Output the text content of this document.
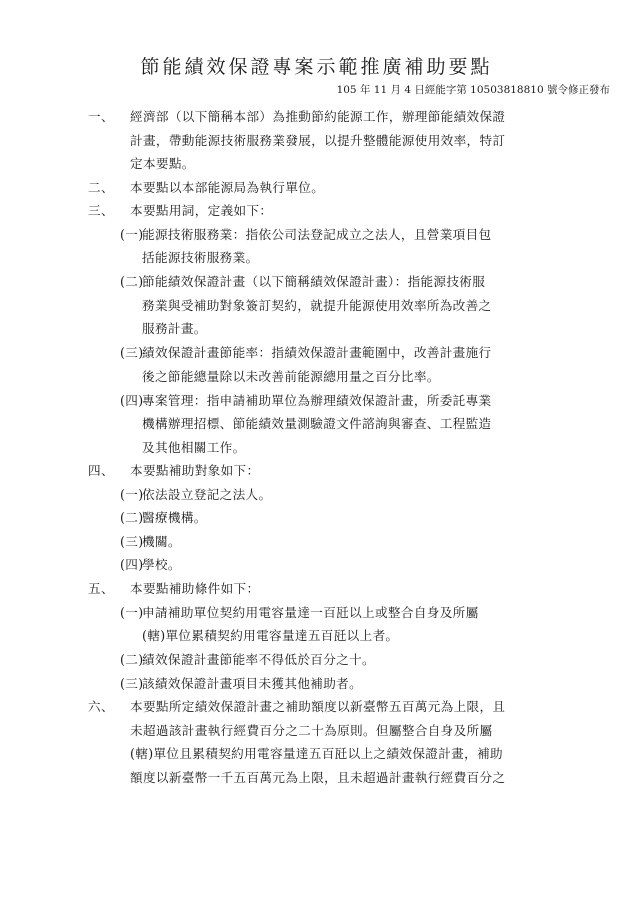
節能績效保證專案示範推廣補助要點
105 年 11 月 4 日經能字第 10503818810 號令修正發布
一、 經濟部（以下簡稱本部）為推動節約能源工作，辦理節能績效保證
計畫，帶動能源技術服務業發展，以提升整體能源使用效率，特訂
定本要點。
二、 本要點以本部能源局為執行單位。
三、 本要點用詞，定義如下：
(一)
能源技術服務業：指依公司法登記成立之法人，且營業項目包
括能源技術服務業。
(二)
節能績效保證計畫（以下簡稱績效保證計畫）：指能源技術服
務業與受補助對象簽訂契約，就提升能源使用效率所為改善之
服務計畫。
(三)
績效保證計畫節能率：指績效保證計畫範圍中，改善計畫施行
後之節能總量除以未改善前能源總用量之百分比率。
(四)
專案管理：指申請補助單位為辦理績效保證計畫，所委託專業
機構辦理招標、節能績效量測驗證文件諮詢與審查、工程監造
及其他相關工作。
四、 本要點補助對象如下：
(一)
依法設立登記之法人。
(二)
醫療機構。
(三)
機關。
(四)
學校。
五、 本要點補助條件如下：
(一)
申請補助單位契約用電容量達一百瓩以上或整合自身及所屬
(轄)單位累積契約用電容量達五百瓩以上者。
(二)
績效保證計畫節能率不得低於百分之十。
(三)
該績效保證計畫項目未獲其他補助者。
六、 本要點所定績效保證計畫之補助額度以新臺幣五百萬元為上限，且
未超過該計畫執行經費百分之二十為原則。但屬整合自身及所屬
(轄)單位且累積契約用電容量達五百瓩以上之績效保證計畫，補助
額度以新臺幣一千五百萬元為上限，且未超過計畫執行經費百分之
